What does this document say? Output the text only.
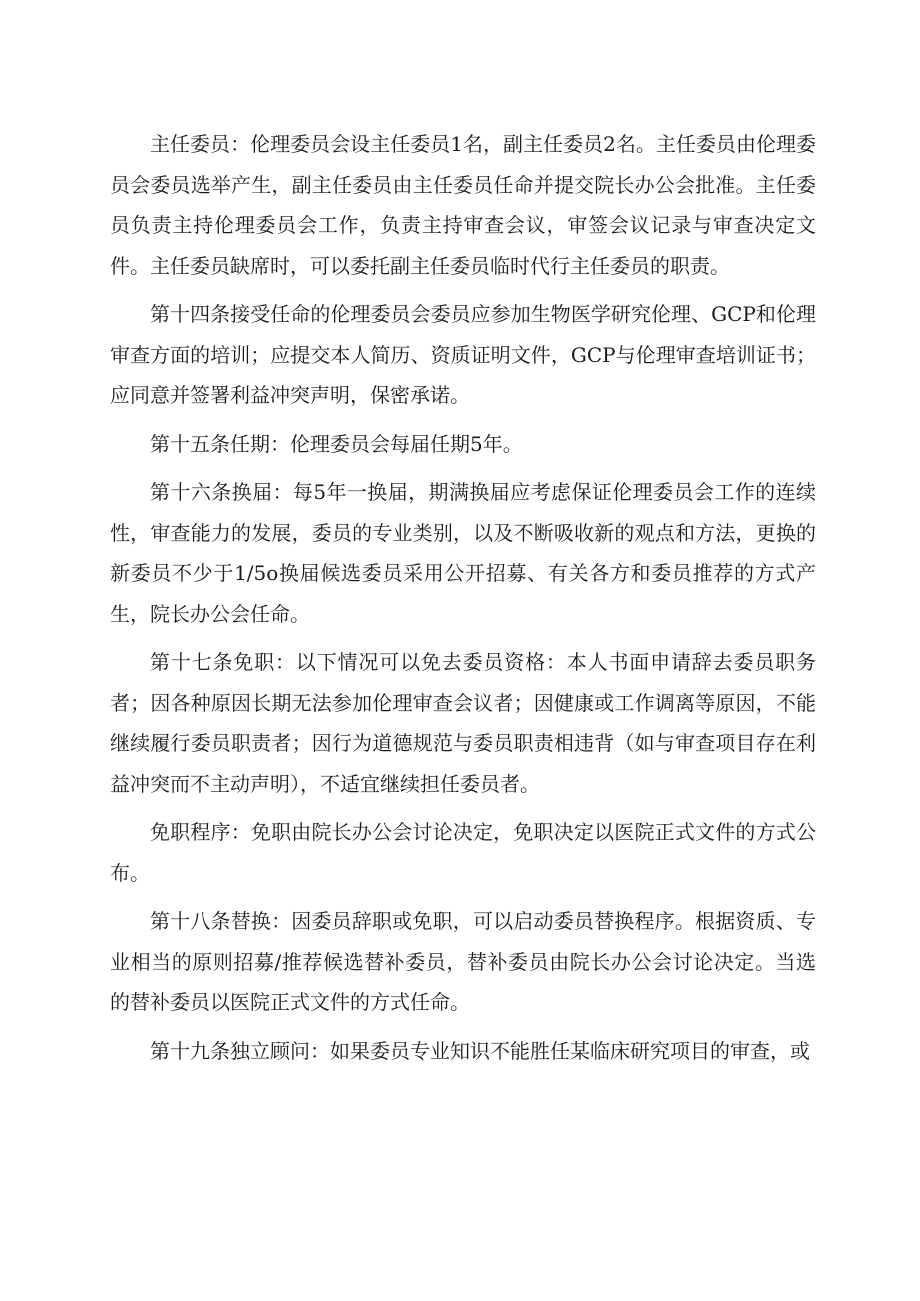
主任委员：伦理委员会设主任委员1名，副主任委员2名。主任委员由伦理委员会委员选举产生，副主任委员由主任委员任命并提交院长办公会批准。主任委员负责主持伦理委员会工作，负责主持审查会议，审签会议记录与审查决定文件。主任委员缺席时，可以委托副主任委员临时代行主任委员的职责。

第十四条接受任命的伦理委员会委员应参加生物医学研究伦理、GCP和伦理审查方面的培训；应提交本人简历、资质证明文件，GCP与伦理审查培训证书；应同意并签署利益冲突声明，保密承诺。

第十五条任期：伦理委员会每届任期5年。

第十六条换届：每5年一换届，期满换届应考虑保证伦理委员会工作的连续性，审查能力的发展，委员的专业类别，以及不断吸收新的观点和方法，更换的新委员不少于1/5o换届候选委员采用公开招募、有关各方和委员推荐的方式产生，院长办公会任命。

第十七条免职：以下情况可以免去委员资格：本人书面申请辞去委员职务者；因各种原因长期无法参加伦理审查会议者；因健康或工作调离等原因，不能继续履行委员职责者；因行为道德规范与委员职责相违背（如与审查项目存在利益冲突而不主动声明），不适宜继续担任委员者。

免职程序：免职由院长办公会讨论决定，免职决定以医院正式文件的方式公布。

第十八条替换：因委员辞职或免职，可以启动委员替换程序。根据资质、专业相当的原则招募/推荐候选替补委员，替补委员由院长办公会讨论决定。当选的替补委员以医院正式文件的方式任命。

第十九条独立顾问：如果委员专业知识不能胜任某临床研究项目的审查，或
